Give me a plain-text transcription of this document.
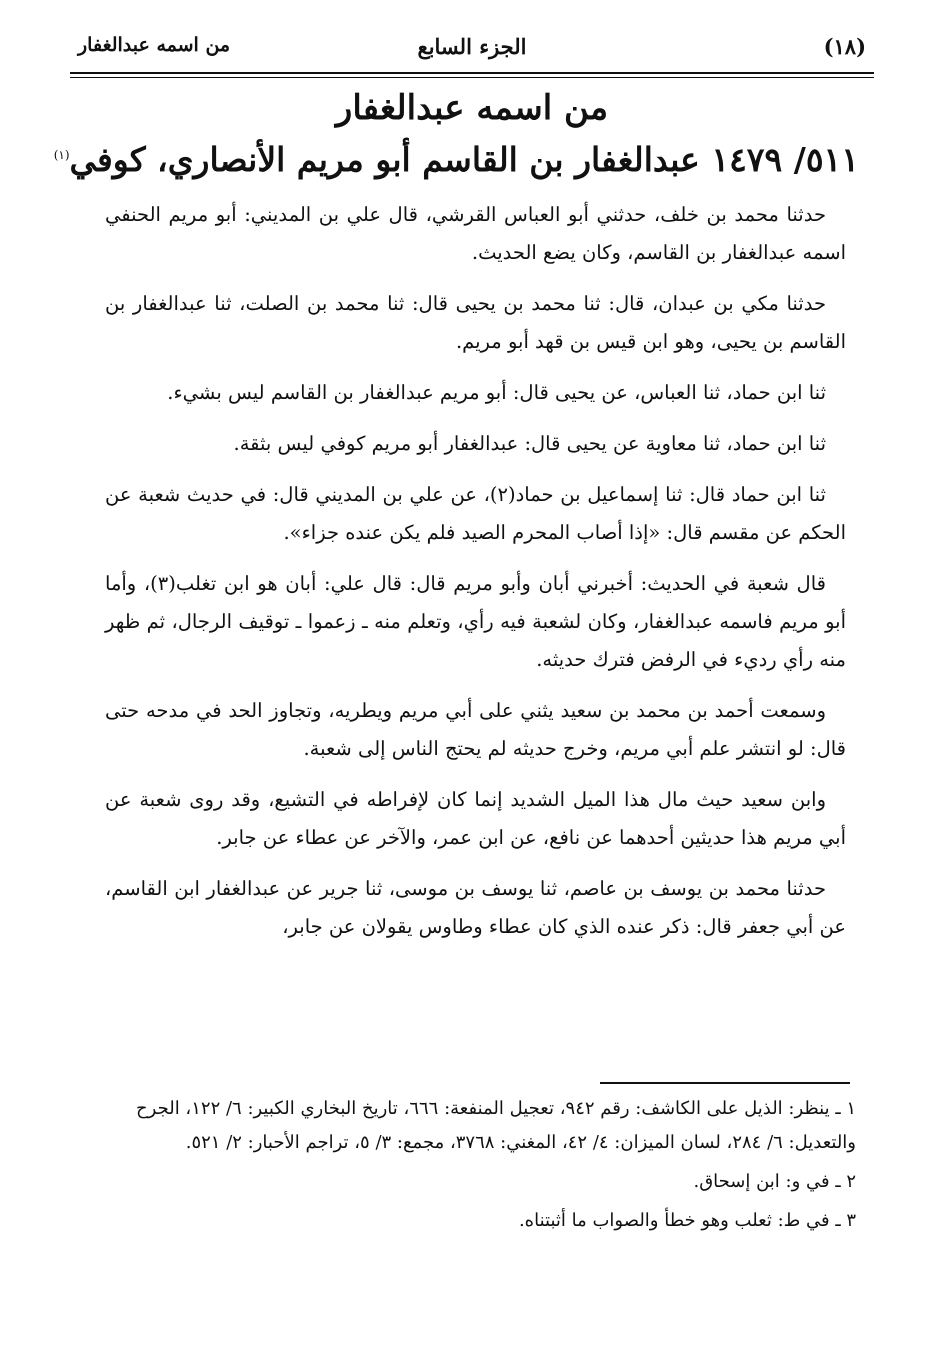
(١٨)
الجزء السابع
من اسمه عبدالغفار
من اسمه عبدالغفار
٥١١/ ١٤٧٩ عبدالغفار بن القاسم أبو مريم الأنصاري، كوفي$^{(١)}$

حدثنا محمد بن خلف، حدثني أبو العباس القرشي، قال علي بن المديني: أبو مريم الحنفي اسمه عبدالغفار بن القاسم، وكان يضع الحديث.

حدثنا مكي بن عبدان، قال: ثنا محمد بن يحيى قال: ثنا محمد بن الصلت، ثنا عبدالغفار بن القاسم بن يحيى، وهو ابن قيس بن قهد أبو مريم.

ثنا ابن حماد، ثنا العباس، عن يحيى قال: أبو مريم عبدالغفار بن القاسم ليس بشيء.

ثنا ابن حماد، ثنا معاوية عن يحيى قال: عبدالغفار أبو مريم كوفي ليس بثقة.

ثنا ابن حماد قال: ثنا إسماعيل بن حماد(٢)، عن علي بن المديني قال: في حديث شعبة عن الحكم عن مقسم قال: «إذا أصاب المحرم الصيد فلم يكن عنده جزاء».

قال شعبة في الحديث: أخبرني أبان وأبو مريم قال: قال علي: أبان هو ابن تغلب(٣)، وأما أبو مريم فاسمه عبدالغفار، وكان لشعبة فيه رأي، وتعلم منه ـ زعموا ـ توقيف الرجال، ثم ظهر منه رأي رديء في الرفض فترك حديثه.

وسمعت أحمد بن محمد بن سعيد يثني على أبي مريم ويطريه، وتجاوز الحد في مدحه حتى قال: لو انتشر علم أبي مريم، وخرج حديثه لم يحتج الناس إلى شعبة.

وابن سعيد حيث مال هذا الميل الشديد إنما كان لإفراطه في التشيع، وقد روى شعبة عن أبي مريم هذا حديثين أحدهما عن نافع، عن ابن عمر، والآخر عن عطاء عن جابر.

حدثنا محمد بن يوسف بن عاصم، ثنا يوسف بن موسى، ثنا جرير عن عبدالغفار ابن القاسم، عن أبي جعفر قال: ذكر عنده الذي كان عطاء وطاوس يقولان عن جابر،

١ ـ ينظر: الذيل على الكاشف: رقم ٩٤٢، تعجيل المنفعة: ٦٦٦، تاريخ البخاري الكبير: ٦/ ١٢٢، الجرح والتعديل: ٦/ ٢٨٤، لسان الميزان: ٤/ ٤٢، المغني: ٣٧٦٨، مجمع: ٣/ ٥، تراجم الأحبار: ٢/ ٥٢١.

٢ ـ في و: ابن إسحاق.

٣ ـ في ط: ثعلب وهو خطأ والصواب ما أثبتناه.
